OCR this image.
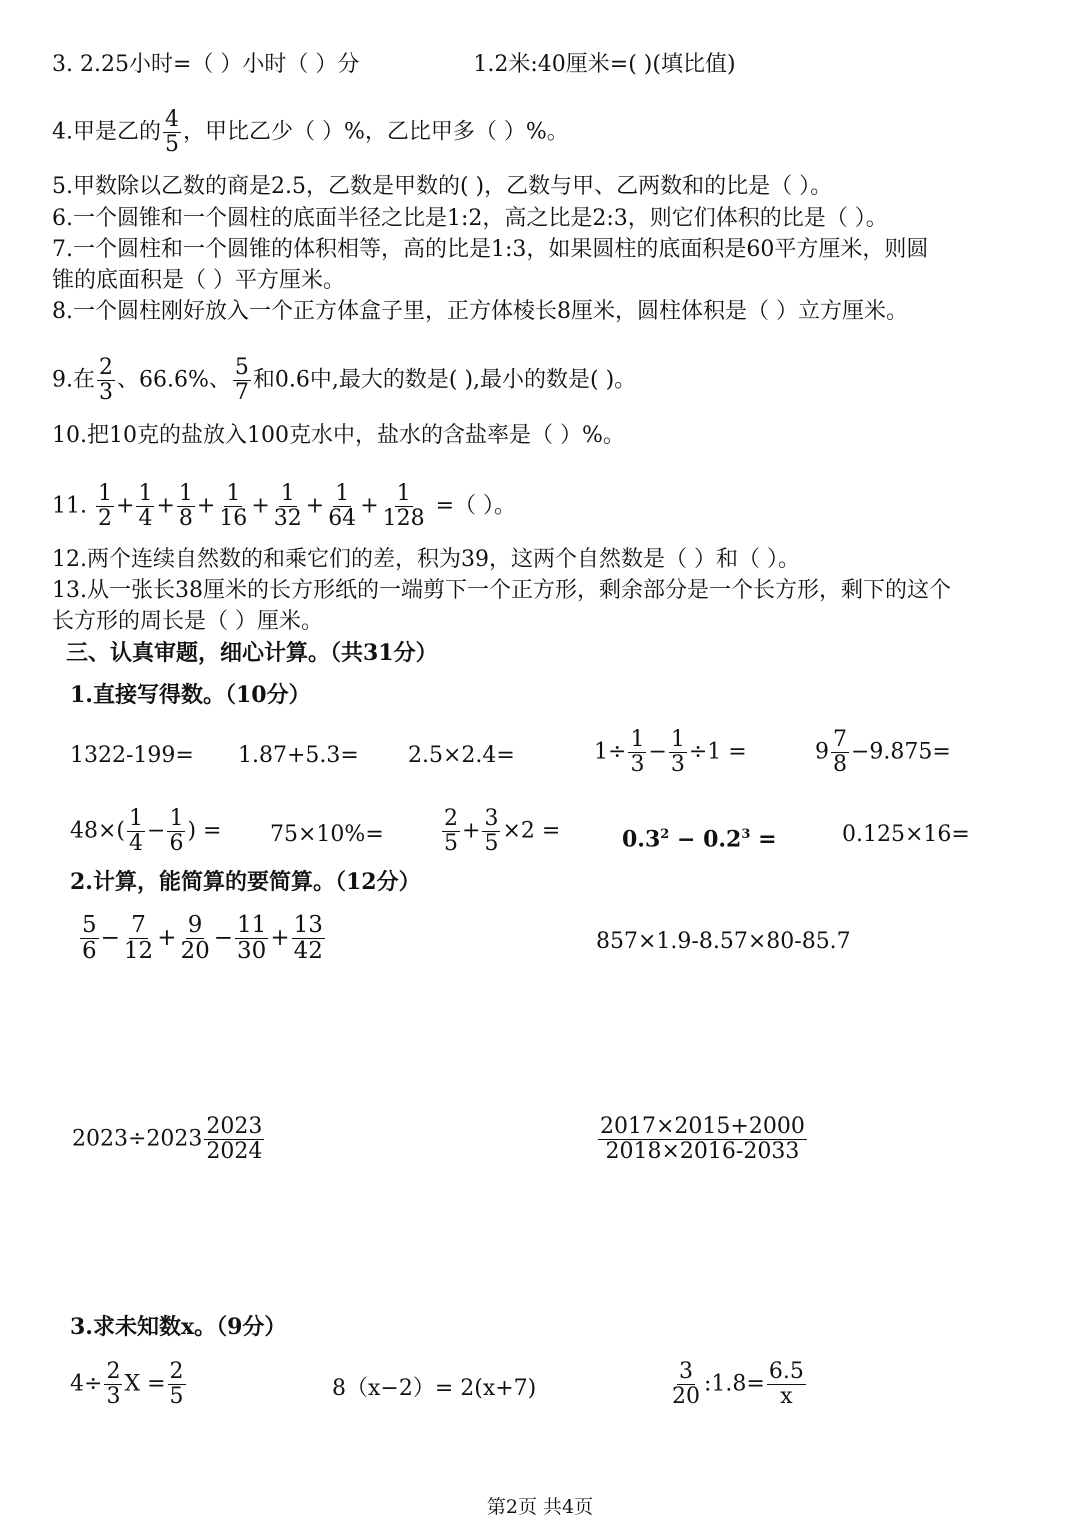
3. 2.25小时=（ ）小时（ ）分	1.2米:40厘米=( )(填比值)
4.甲是乙的 $\frac{4}{5}$ ，甲比乙少（ ）%，乙比甲多（ ）%。
5.甲数除以乙数的商是2.5，乙数是甲数的( )，乙数与甲、乙两数和的比是（ ）。
6.一个圆锥和一个圆柱的底面半径之比是1:2，高之比是2:3，则它们体积的比是（ ）。
7.一个圆柱和一个圆锥的体积相等，高的比是1:3，如果圆柱的底面积是60平方厘米，则圆
锥的底面积是（ ）平方厘米。
8.一个圆柱刚好放入一个正方体盒子里，正方体棱长8厘米，圆柱体积是（ ）立方厘米。
9.在 $\frac{2}{3}$ 、66.6%、 $\frac{5}{7}$ 和0.6中,最大的数是( ),最小的数是( )。
10.把10克的盐放入100克水中，盐水的含盐率是（ ）%。
11. $\frac{1}{2} + \frac{1}{4} + \frac{1}{8} + \frac{1}{16} + \frac{1}{32} + \frac{1}{64} + \frac{1}{128}$ =（ ）。
12.两个连续自然数的和乘它们的差，积为39，这两个自然数是（ ）和（ ）。
13.从一张长38厘米的长方形纸的一端剪下一个正方形，剩余部分是一个长方形，剩下的这个
长方形的周长是（ ）厘米。
三、认真审题，细心计算。（共31分）
1.直接写得数。（10分）
1322-199= 1.87+5.3= 2.5×2.4=	$1\div \frac{1}{3} - \frac{1}{3} \div 1$ =	$9 \frac{7}{8} -9.875=$
$48\times( \frac{1}{4} - \frac{1}{6}$ ) = 75×10%=	$\frac{2}{5} + \frac{3}{5} \times 2$ =	$0.3^2 - 0.2^3$ =	0.125×16=
2.计算，能简算的要简算。（12分）
$\frac{5}{6} - \frac{7}{12} + \frac{9}{20} - \frac{11}{30} + \frac{13}{42}$	857×1.9-8.57×80-85.7
$2023\div 2023 \frac{2023}{2024}$	$\frac{2017\times 2015+2000}{2018\times 2016-2033}$
3.求未知数x。（9分）
$4\div \frac{2}{3}$ $X = \frac{2}{5}$	8（x−2）= 2(x+7)	$\frac{3}{20}$ :1.8= $\frac{6.5}{x}$
第2页 共4页
